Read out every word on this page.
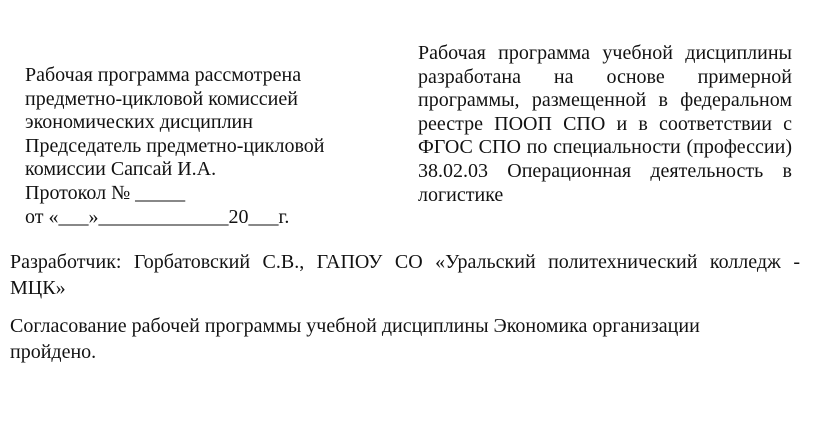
Рабочая программа рассмотрена
предметно-цикловой комиссией
экономических дисциплин
Председатель предметно-цикловой
комиссии Сапсай И.А.
Протокол № _____
от «___»_____________20___г.
Рабочая программа учебной дисциплины
разработана на основе примерной
программы, размещенной в федеральном
реестре ПООП СПО и в соответствии с
ФГОС СПО по специальности (профессии)
38.02.03 Операционная деятельность в
логистике
Разработчик: Горбатовский С.В., ГАПОУ СО «Уральский политехнический колледж -
МЦК»
Согласование рабочей программы учебной дисциплины Экономика организации
пройдено.
